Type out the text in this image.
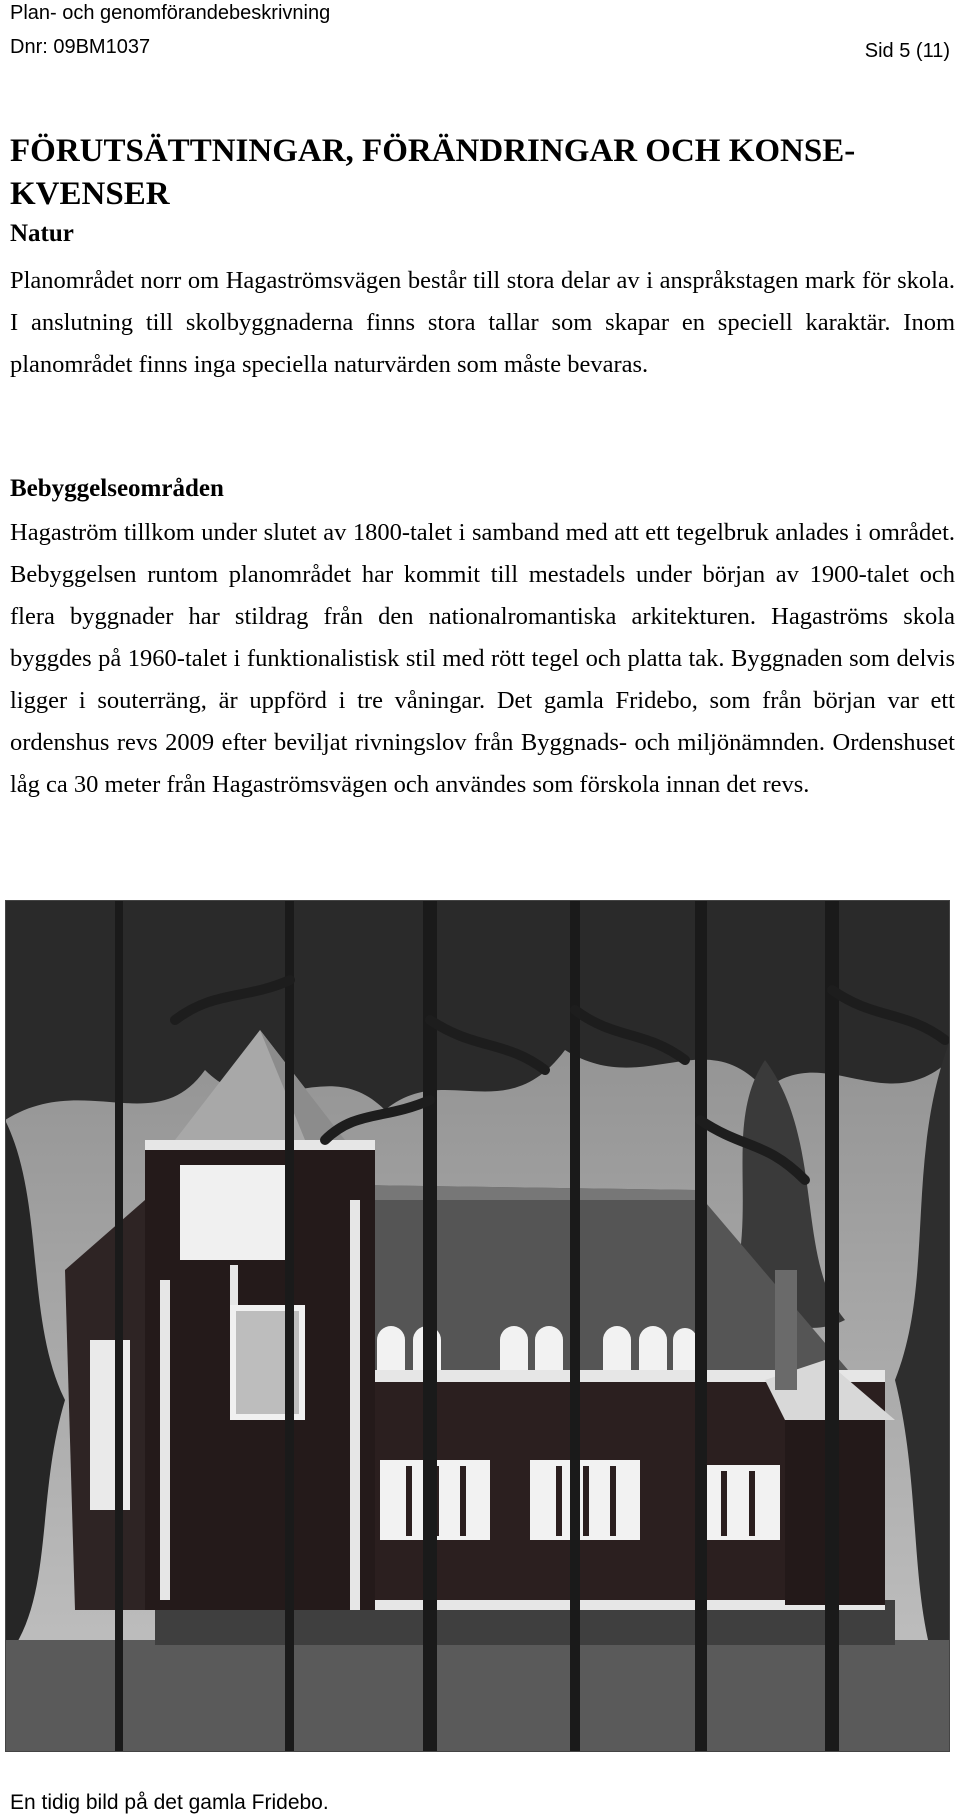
Plan- och genomförandebeskrivning
Dnr: 09BM1037	Sid 5 (11)
FÖRUTSÄTTNINGAR, FÖRÄNDRINGAR OCH KONSE-KVENSER
Natur

Planområdet norr om Hagaströmsvägen består till stora delar av i anspråkstagen mark för skola. I anslutning till skolbyggnaderna finns stora tallar som skapar en speciell karaktär. Inom planområdet finns inga speciella naturvärden som måste bevaras.

Bebyggelseområden

Hagaström tillkom under slutet av 1800-talet i samband med att ett tegelbruk anlades i området. Bebyggelsen runtom planområdet har kommit till mestadels under början av 1900-talet och flera byggnader har stildrag från den nationalromantiska arkitekturen. Hagaströms skola byggdes på 1960-talet i funktionalistisk stil med rött tegel och platta tak. Byggnaden som delvis ligger i souterräng, är uppförd i tre våningar. Det gamla Fridebo, som från början var ett ordenshus revs 2009 efter beviljat rivningslov från Byggnads- och miljönämnden. Ordenshuset låg ca 30 meter från Hagaströmsvägen och användes som förskola innan det revs.

En tidig bild på det gamla Fridebo.
